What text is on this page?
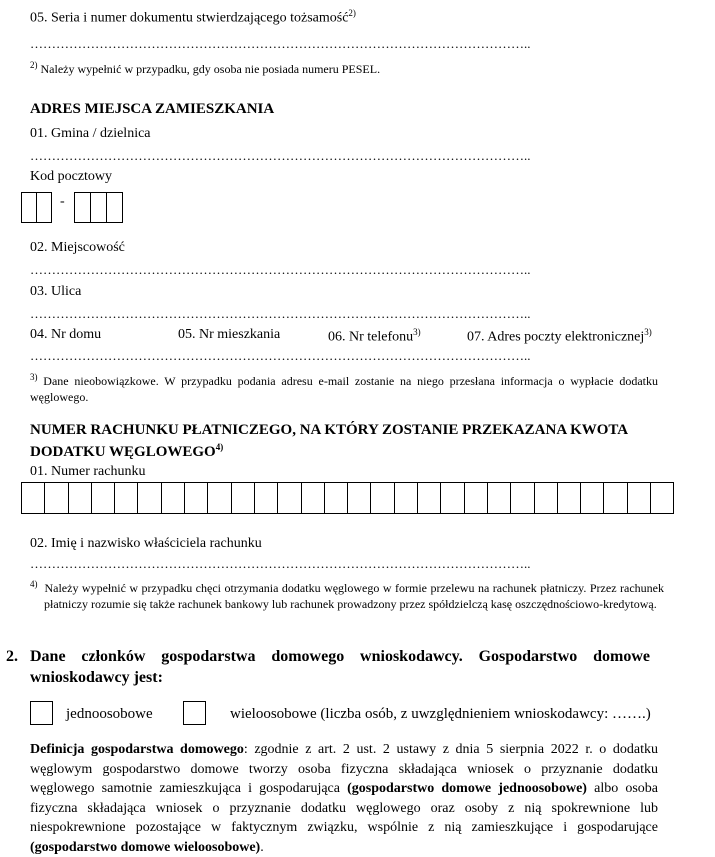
05. Seria i numer dokumentu stwierdzającego tożsamość$^{2)}$
……………………………………………………………………………………………………..
$^{2)}$ Należy wypełnić w przypadku, gdy osoba nie posiada numeru PESEL.
ADRES MIEJSCA ZAMIESZKANIA
01. Gmina / dzielnica
……………………………………………………………………………………………………..
Kod pocztowy
-
02. Miejscowość
……………………………………………………………………………………………………..
03. Ulica
……………………………………………………………………………………………………..
04. Nr domu	05. Nr mieszkania	06. Nr telefonu$^{3)}$	07. Adres poczty elektronicznej$^{3)}$
……………………………………………………………………………………………………..
$^{3)}$ Dane nieobowiązkowe. W przypadku podania adresu e-mail zostanie na niego przesłana informacja o wypłacie dodatku węglowego.
NUMER RACHUNKU PŁATNICZEGO, NA KTÓRY ZOSTANIE PRZEKAZANA KWOTA
DODATKU WĘGLOWEGO$^{4)}$
01. Numer rachunku
02. Imię i nazwisko właściciela rachunku
……………………………………………………………………………………………………..
$^{4)}$ Należy wypełnić w przypadku chęci otrzymania dodatku węglowego w formie przelewu na rachunek płatniczy. Przez rachunek płatniczy rozumie się także rachunek bankowy lub rachunek prowadzony przez spółdzielczą kasę oszczędnościowo-kredytową.
2. Dane członków gospodarstwa domowego wnioskodawcy. Gospodarstwo domowe wnioskodawcy jest:
jednoosobowe	wieloosobowe (liczba osób, z uwzględnieniem wnioskodawcy: …….)
Definicja gospodarstwa domowego: zgodnie z art. 2 ust. 2 ustawy z dnia 5 sierpnia 2022 r. o dodatku węglowym gospodarstwo domowe tworzy osoba fizyczna składająca wniosek o przyznanie dodatku węglowego samotnie zamieszkująca i gospodarująca (gospodarstwo domowe jednoosobowe) albo osoba fizyczna składająca wniosek o przyznanie dodatku węglowego oraz osoby z nią spokrewnione lub niespokrewnione pozostające w faktycznym związku, wspólnie z nią zamieszkujące i gospodarujące (gospodarstwo domowe wieloosobowe).
